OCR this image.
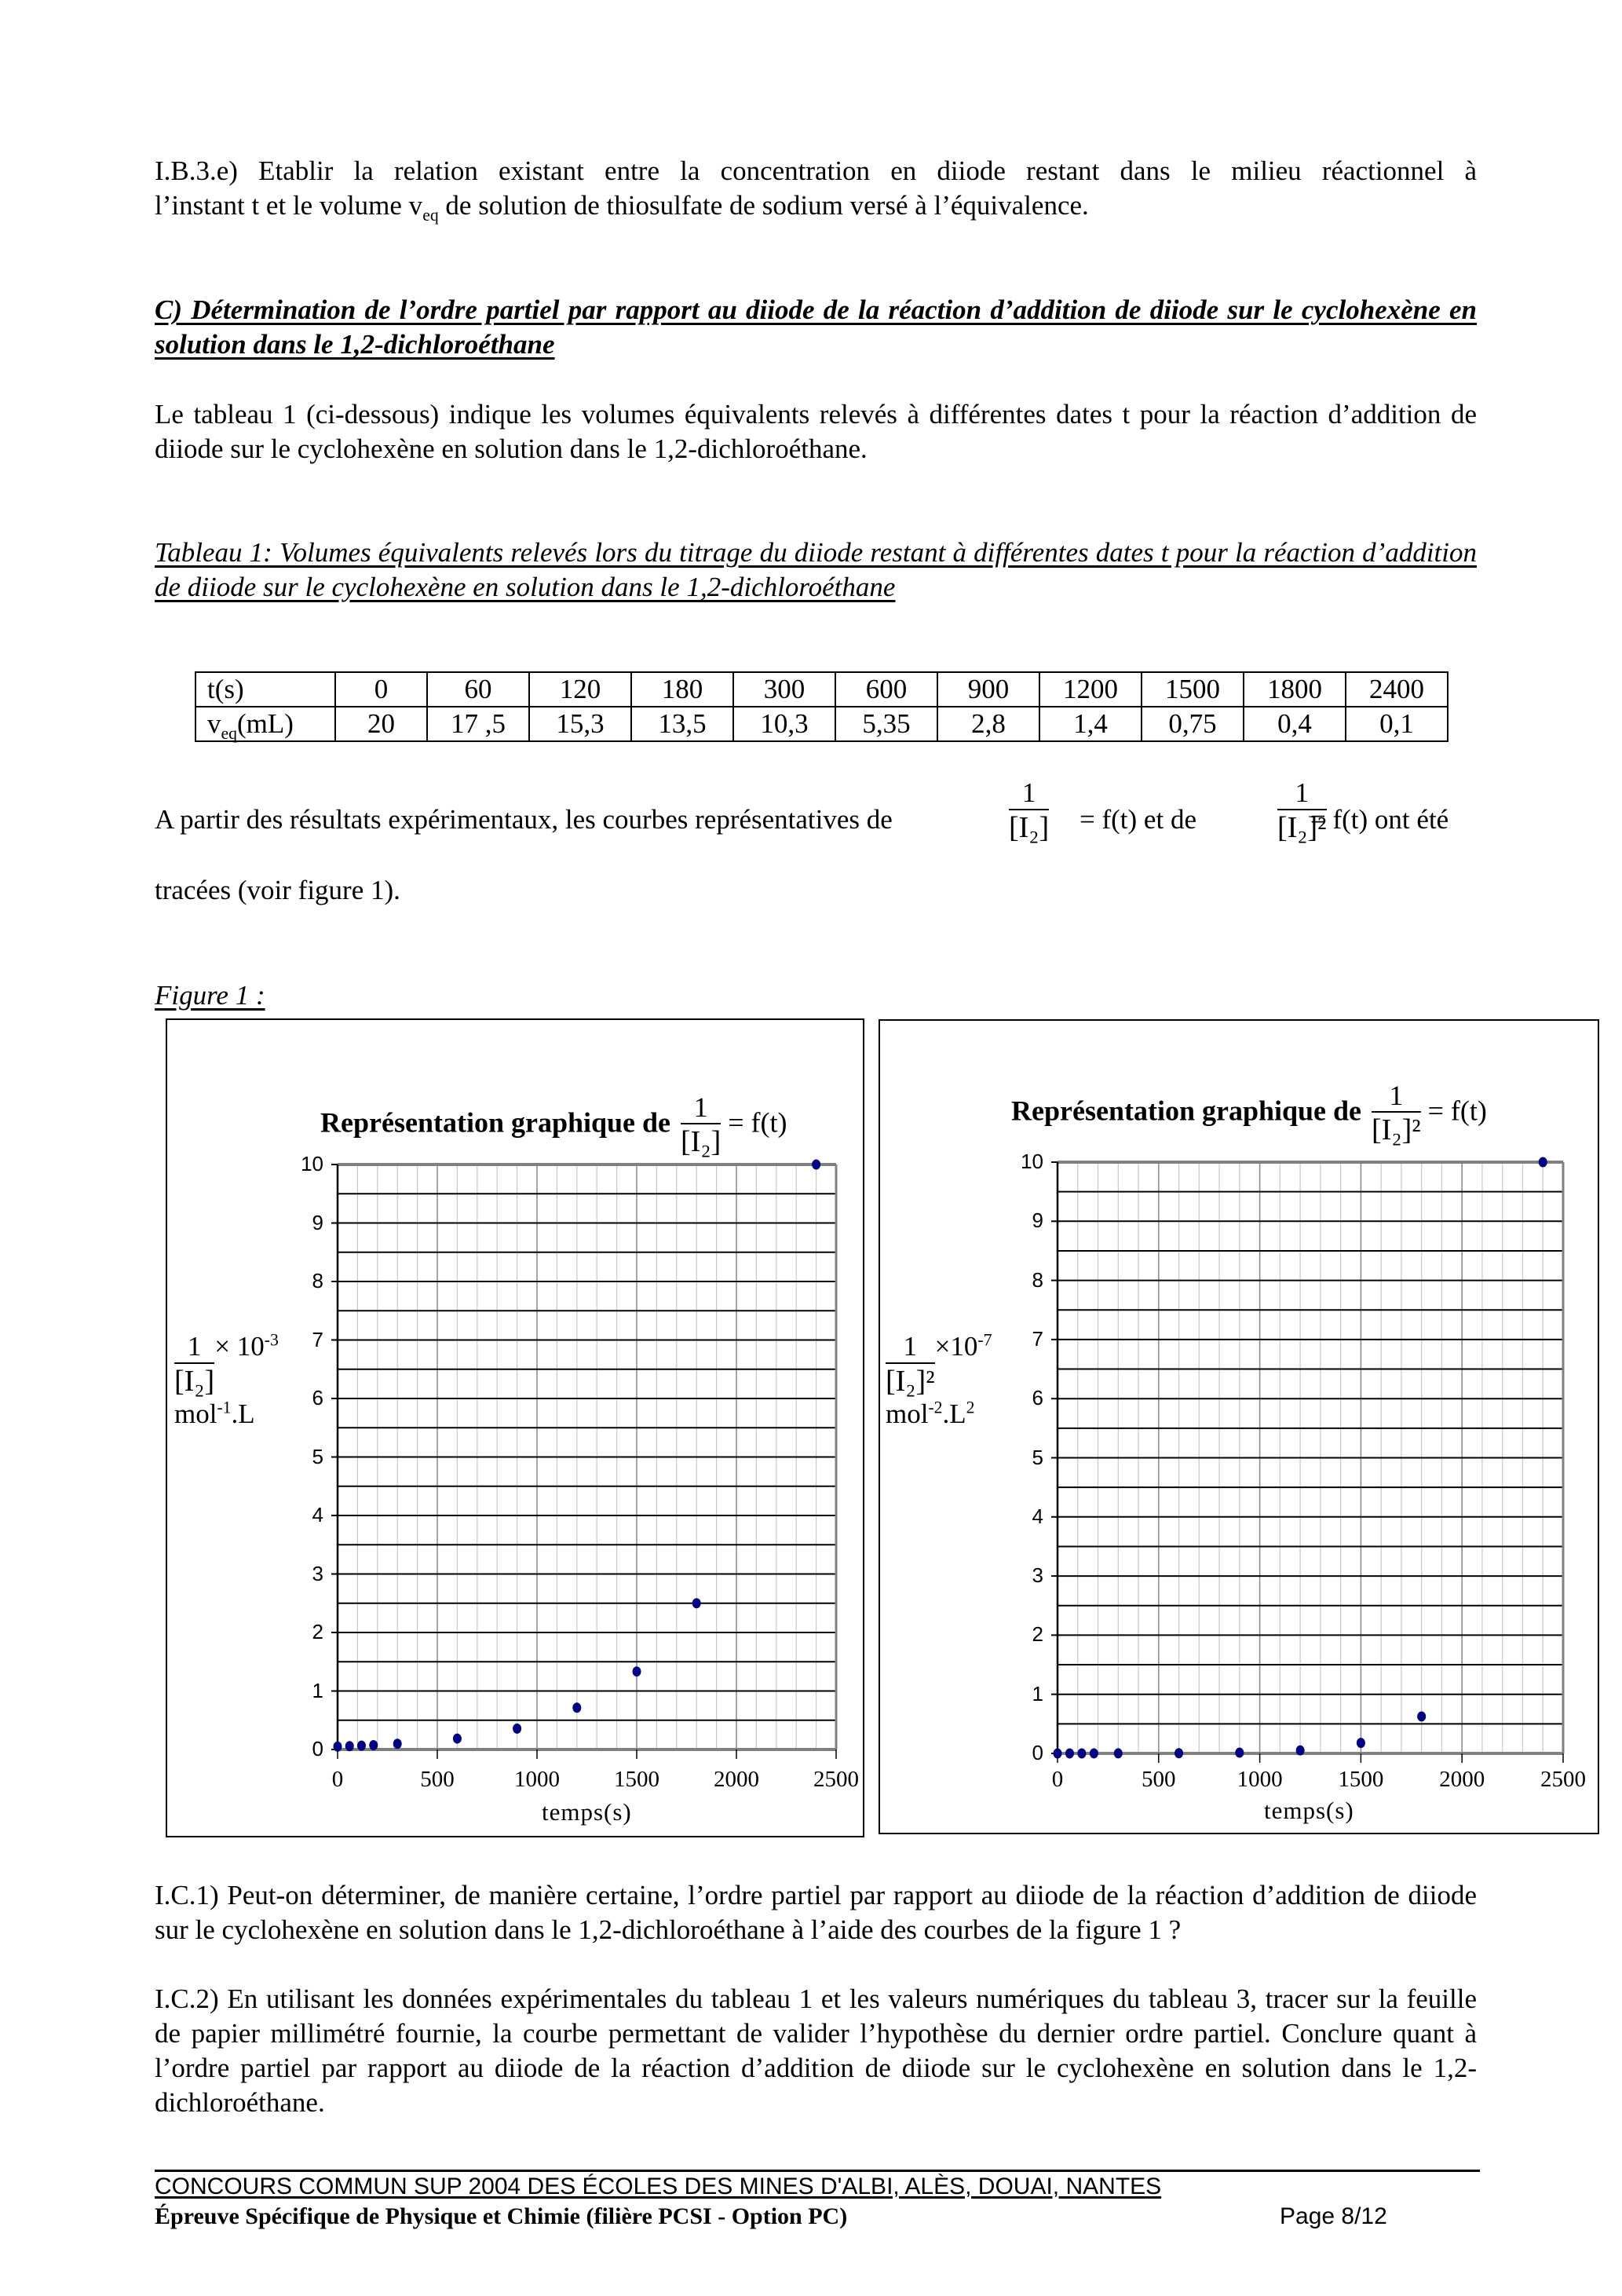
I.B.3.e) Etablir la relation existant entre la concentration en diiode restant dans le milieu réactionnel à
l’instant t et le volume $v_{eq}$ de solution de thiosulfate de sodium versé à l’équivalence.
C) Détermination de l’ordre partiel par rapport au diiode de la réaction d’addition de diiode sur le cyclohexène en solution dans le 1,2-dichloroéthane
Le tableau 1 (ci-dessous) indique les volumes équivalents relevés à différentes dates t pour la réaction d’addition de diiode sur le cyclohexène en solution dans le 1,2-dichloroéthane.
Tableau 1: Volumes équivalents relevés lors du titrage du diiode restant à différentes dates t pour la réaction d’addition de diiode sur le cyclohexène en solution dans le 1,2-dichloroéthane
t(s)	0	60	120	180	300	600	900	1200	1500	1800	2400
$v_{eq}(mL)$	20	17 ,5	15,3	13,5	10,3	5,35	2,8	1,4	0,75	0,4	0,1
A partir des résultats expérimentaux, les courbes représentatives de	$\frac{1}{\text{[I₂]}}$
= f(t) et de	$\frac{1}{\text{[I₂]²}}$
= f(t) ont été
tracées (voir figure 1).
Figure 1 :
Représentation graphique de $\frac{1}{\text{[I₂]}} = f(t)$
$\frac{1}{\text{[I₂]}} \times 10^{-3}$
mol$^{-1}$.L
temps(s)
Représentation graphique de $\frac{1}{\text{[I₂]²}} = f(t)$
$\frac{1}{\text{[I₂]²}} \times 10^{-7}$
$mol^{-2}.L^2$
temps(s)
I.C.1) Peut-on déterminer, de manière certaine, l’ordre partiel par rapport au diiode de la réaction d’addition de diiode sur le cyclohexène en solution dans le 1,2-dichloroéthane à l’aide des courbes de la figure 1 ?
I.C.2) En utilisant les données expérimentales du tableau 1 et les valeurs numériques du tableau 3, tracer sur la feuille de papier millimétré fournie, la courbe permettant de valider l’hypothèse du dernier ordre partiel. Conclure quant à l’ordre partiel par rapport au diiode de la réaction d’addition de diiode sur le cyclohexène en solution dans le 1,2-dichloroéthane.
CONCOURS COMMUN SUP 2004 DES ÉCOLES DES MINES D'ALBI, ALÈS, DOUAI, NANTES
Épreuve Spécifique de Physique et Chimie (filière PCSI - Option PC)	Page 8/12
0
1
2
3
4
5
6
7
8
9
10
0	500	1000	1500	2000	2500
0
1
2
3
4
5
6
7
8
9
10
0	500	1000	1500	2000	2500
